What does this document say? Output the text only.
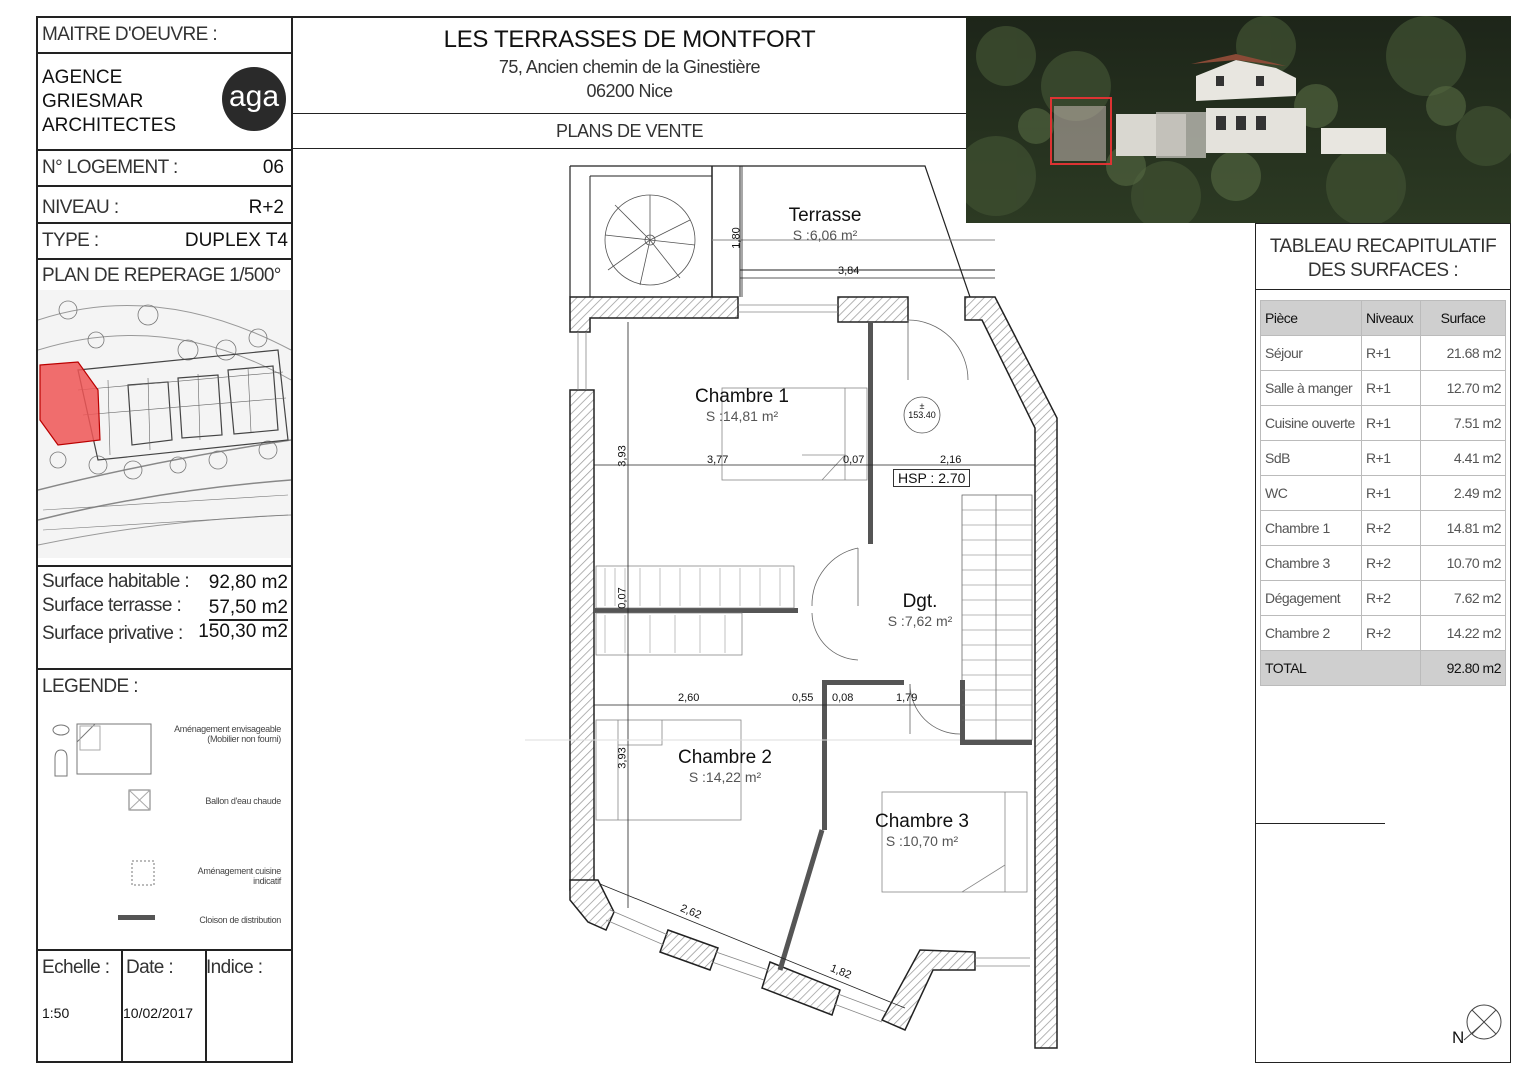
MAITRE D'OEUVRE :
AGENCE
GRIESMAR
ARCHITECTES
aga
N° LOGEMENT :	06
NIVEAU :	R+2
TYPE :	DUPLEX T4
PLAN DE REPERAGE 1/500°
Surface habitable : 92,80 m2
Surface terrasse : 57,50 m2
Surface privative : 150,30 m2
LEGENDE :
Aménagement envisageable
(Mobilier non fourni)
Ballon d'eau chaude
Aménagement cuisine
indicatif
Cloison de distribution
Echelle : Date : Indice :
1:50	10/02/2017
LES TERRASSES DE MONTFORT
75, Ancien chemin de la Ginestière
06200 Nice
PLANS DE VENTE
TABLEAU RECAPITULATIF
DES SURFACES :
Pièce	Niveaux	Surface
Séjour	R+1	21.68 m2
Salle à manger	R+1	12.70 m2
Cuisine ouverte	R+1	7.51 m2
SdB	R+1	4.41 m2
WC	R+1	2.49 m2
Chambre 1	R+2	14.81 m2
Chambre 3	R+2	10.70 m2
Dégagement	R+2	7.62 m2
Chambre 2	R+2	14.22 m2
TOTAL		92.80 m2
N
Terrasse
S :6,06 m²
Chambre 1
S :14,81 m²
Dgt.
S :7,62 m²
Chambre 2
S :14,22 m²
Chambre 3
S :10,70 m²
1,80
3,84
3,93	3,77	0,07	2,16
0,07
2,60	0,55 0,08	1,79
3,93
2,62
1,82
HSP : 2.70
±
153.40
